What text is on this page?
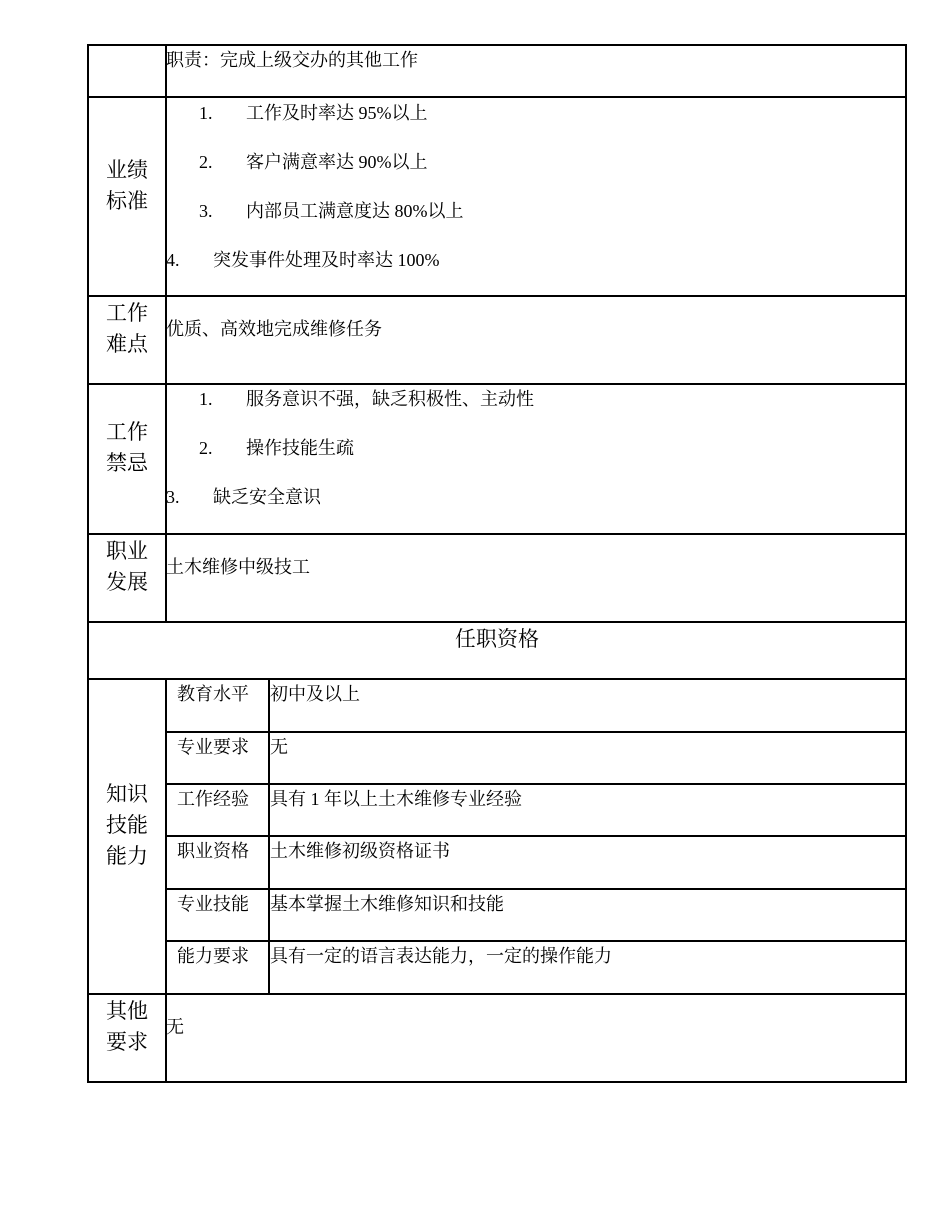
职责：完成上级交办的其他工作
业绩
标准
1. 工作及时率达 95%以上
2. 客户满意率达 90%以上
3. 内部员工满意度达 80%以上
4. 突发事件处理及时率达 100%
工作
难点
优质、高效地完成维修任务
工作
禁忌
1. 服务意识不强，缺乏积极性、主动性
2. 操作技能生疏
3. 缺乏安全意识
职业
发展
土木维修中级技工
任职资格
知识
技能
能力
教育水平 初中及以上
专业要求 无
工作经验 具有 1 年以上土木维修专业经验
职业资格 土木维修初级资格证书
专业技能 基本掌握土木维修知识和技能
能力要求 具有一定的语言表达能力，一定的操作能力
其他
要求
无
